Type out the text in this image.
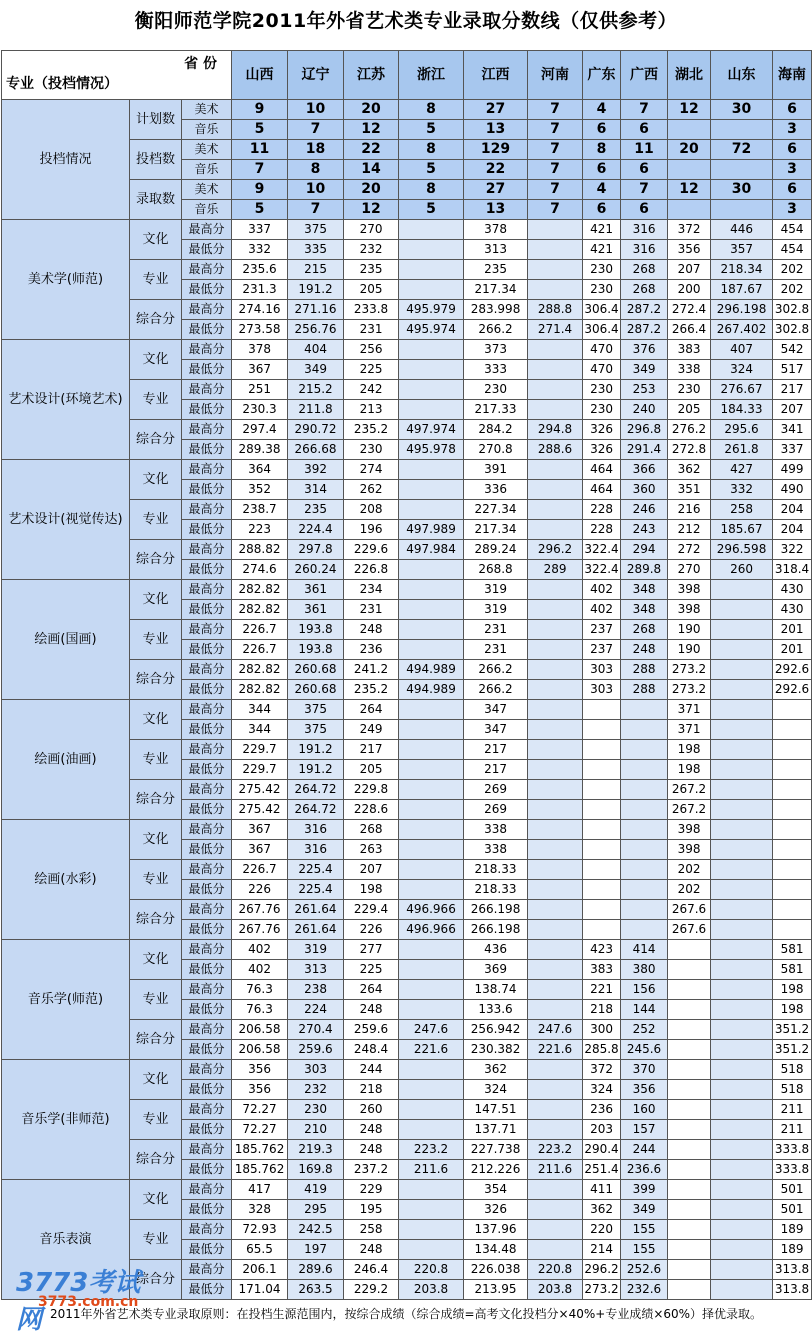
衡阳师范学院2011年外省艺术类专业录取分数线（仅供参考）
省 份
专业（投档情况）			山西	辽宁	江苏	浙江	江西	河南	广东	广西	湖北	山东	海南
投档情况	计划数	美术	9	10	20	8	27	7	4	7	12	30	6
		音乐	5	7	12	5	13	7	6	6			3
	投档数	美术	11	18	22	8	129	7	8	11	20	72	6
		音乐	7	8	14	5	22	7	6	6			3
	录取数	美术	9	10	20	8	27	7	4	7	12	30	6
		音乐	5	7	12	5	13	7	6	6			3
美术学(师范)	文化	最高分	337	375	270		378		421	316	372	446	454
		最低分	332	335	232		313		421	316	356	357	454
	专业	最高分	235.6	215	235		235		230	268	207	218.34	202
		最低分	231.3	191.2	205		217.34		230	268	200	187.67	202
	综合分	最高分	274.16	271.16	233.8	495.979	283.998	288.8	306.4	287.2	272.4	296.198	302.8
		最低分	273.58	256.76	231	495.974	266.2	271.4	306.4	287.2	266.4	267.402	302.8
艺术设计(环境艺术)	文化	最高分	378	404	256		373		470	376	383	407	542
		最低分	367	349	225		333		470	349	338	324	517
	专业	最高分	251	215.2	242		230		230	253	230	276.67	217
		最低分	230.3	211.8	213		217.33		230	240	205	184.33	207
	综合分	最高分	297.4	290.72	235.2	497.974	284.2	294.8	326	296.8	276.2	295.6	341
		最低分	289.38	266.68	230	495.978	270.8	288.6	326	291.4	272.8	261.8	337
艺术设计(视觉传达)	文化	最高分	364	392	274		391		464	366	362	427	499
		最低分	352	314	262		336		464	360	351	332	490
	专业	最高分	238.7	235	208		227.34		228	246	216	258	204
		最低分	223	224.4	196	497.989	217.34		228	243	212	185.67	204
	综合分	最高分	288.82	297.8	229.6	497.984	289.24	296.2	322.4	294	272	296.598	322
		最低分	274.6	260.24	226.8		268.8	289	322.4	289.8	270	260	318.4
绘画(国画)	文化	最高分	282.82	361	234		319		402	348	398		430
		最低分	282.82	361	231		319		402	348	398		430
	专业	最高分	226.7	193.8	248		231		237	268	190		201
		最低分	226.7	193.8	236		231		237	248	190		201
	综合分	最高分	282.82	260.68	241.2	494.989	266.2		303	288	273.2		292.6
		最低分	282.82	260.68	235.2	494.989	266.2		303	288	273.2		292.6
绘画(油画)	文化	最高分	344	375	264		347				371		
		最低分	344	375	249		347				371		
	专业	最高分	229.7	191.2	217		217				198		
		最低分	229.7	191.2	205		217				198		
	综合分	最高分	275.42	264.72	229.8		269				267.2		
		最低分	275.42	264.72	228.6		269				267.2		
绘画(水彩)	文化	最高分	367	316	268		338				398		
		最低分	367	316	263		338				398		
	专业	最高分	226.7	225.4	207		218.33				202		
		最低分	226	225.4	198		218.33				202		
	综合分	最高分	267.76	261.64	229.4	496.966	266.198				267.6		
		最低分	267.76	261.64	226	496.966	266.198				267.6		
音乐学(师范)	文化	最高分	402	319	277		436		423	414			581
		最低分	402	313	225		369		383	380			581
	专业	最高分	76.3	238	264		138.74		221	156			198
		最低分	76.3	224	248		133.6		218	144			198
	综合分	最高分	206.58	270.4	259.6	247.6	256.942	247.6	300	252			351.2
		最低分	206.58	259.6	248.4	221.6	230.382	221.6	285.8	245.6			351.2
音乐学(非师范)	文化	最高分	356	303	244		362		372	370			518
		最低分	356	232	218		324		324	356			518
	专业	最高分	72.27	230	260		147.51		236	160			211
		最低分	72.27	210	248		137.71		203	157			211
	综合分	最高分	185.762	219.3	248	223.2	227.738	223.2	290.4	244			333.8
		最低分	185.762	169.8	237.2	211.6	212.226	211.6	251.4	236.6			333.8
音乐表演	文化	最高分	417	419	229		354		411	399			501
		最低分	328	295	195		326		362	349			501
	专业	最高分	72.93	242.5	258		137.96		220	155			189
		最低分	65.5	197	248		134.48		214	155			189
	综合分	最高分	206.1	289.6	246.4	220.8	226.038	220.8	296.2	252.6			313.8
		最低分	171.04	263.5	229.2	203.8	213.95	203.8	273.2	232.6			313.8
3773考试网
3773.com.cn
2011年外省艺术类专业录取原则：在投档生源范围内，按综合成绩（综合成绩=高考文化投档分×40%+专业成绩×60%）择优录取。
